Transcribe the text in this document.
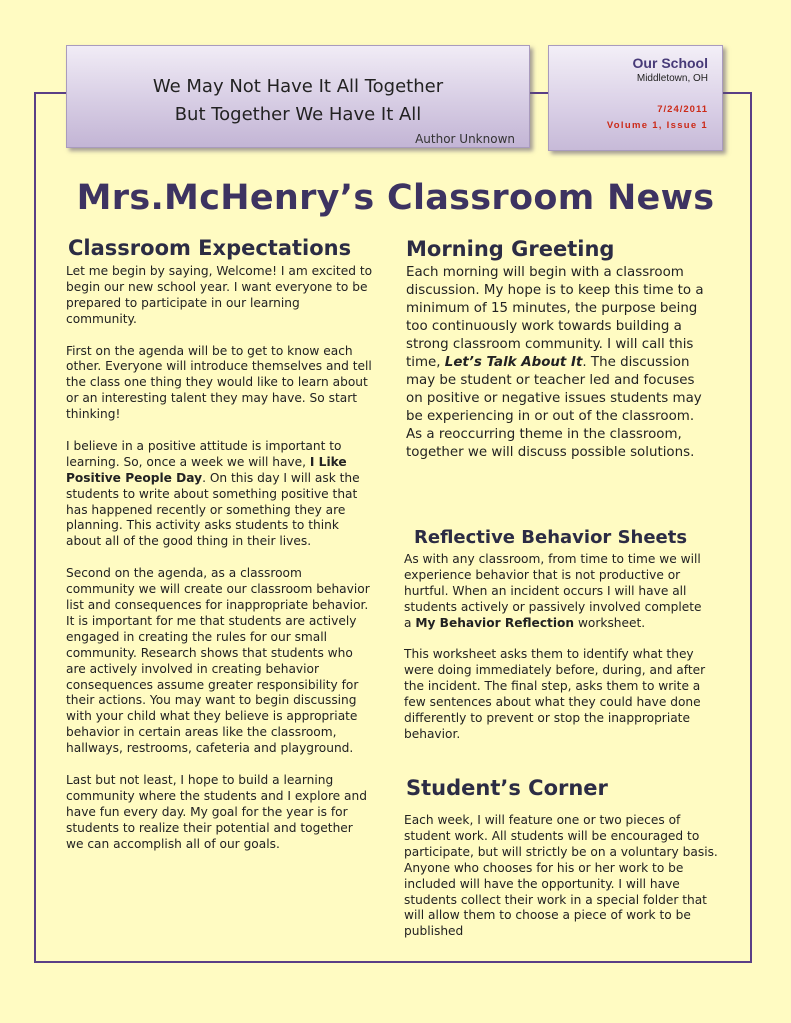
We May Not Have It All Together
But Together We Have It All
Author Unknown
Our School
Middletown, OH
7/24/2011
Volume 1, Issue 1
Mrs.McHenry’s Classroom News
Classroom Expectations

Let me begin by saying, Welcome! I am excited to begin our new school year. I want everyone to be prepared to participate in our learning community.

First on the agenda will be to get to know each other. Everyone will introduce themselves and tell the class one thing they would like to learn about or an interesting talent they may have. So start thinking!

I believe in a positive attitude is important to learning. So, once a week we will have, I Like Positive People Day. On this day I will ask the students to write about something positive that has happened recently or something they are planning. This activity asks students to think about all of the good thing in their lives.

Second on the agenda, as a classroom community we will create our classroom behavior list and consequences for inappropriate behavior. It is important for me that students are actively engaged in creating the rules for our small community. Research shows that students who are actively involved in creating behavior consequences assume greater responsibility for their actions. You may want to begin discussing with your child what they believe is appropriate behavior in certain areas like the classroom, hallways, restrooms, cafeteria and playground.

Last but not least, I hope to build a learning community where the students and I explore and have fun every day. My goal for the year is for students to realize their potential and together we can accomplish all of our goals.

Morning Greeting

Each morning will begin with a classroom discussion. My hope is to keep this time to a minimum of 15 minutes, the purpose being too continuously work towards building a strong classroom community. I will call this time, Let’s Talk About It. The discussion may be student or teacher led and focuses on positive or negative issues students may be experiencing in or out of the classroom. As a reoccurring theme in the classroom, together we will discuss possible solutions.

Reflective Behavior Sheets

As with any classroom, from time to time we will experience behavior that is not productive or hurtful. When an incident occurs I will have all students actively or passively involved complete a My Behavior Reflection worksheet.

This worksheet asks them to identify what they were doing immediately before, during, and after the incident. The final step, asks them to write a few sentences about what they could have done differently to prevent or stop the inappropriate behavior.

Student’s Corner

Each week, I will feature one or two pieces of student work. All students will be encouraged to participate, but will strictly be on a voluntary basis. Anyone who chooses for his or her work to be included will have the opportunity. I will have students collect their work in a special folder that will allow them to choose a piece of work to be published
